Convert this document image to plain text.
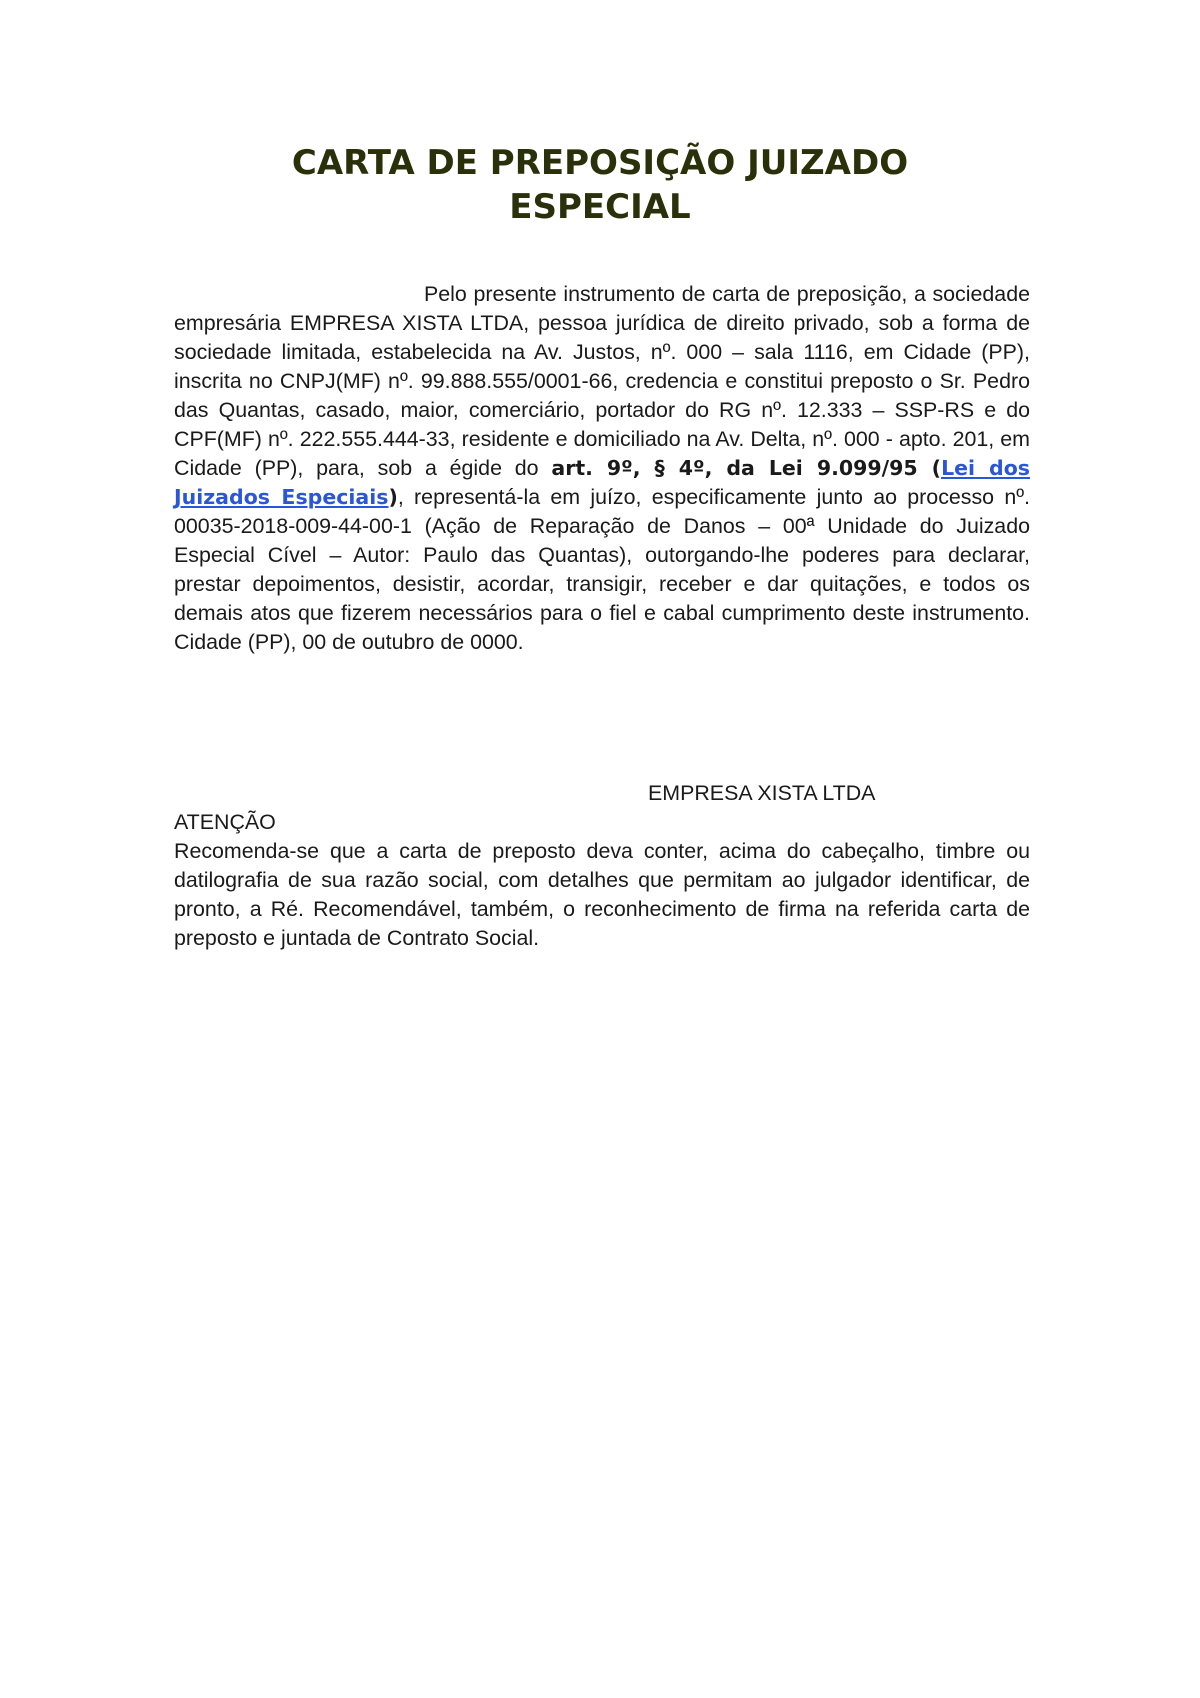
CARTA DE PREPOSIÇÃO JUIZADO
ESPECIAL

Pelo presente instrumento de carta de preposição, a sociedade empresária EMPRESA XISTA LTDA, pessoa jurídica de direito privado, sob a forma de sociedade limitada, estabelecida na Av. Justos, nº. 000 – sala 1116, em Cidade (PP), inscrita no CNPJ(MF) nº. 99.888.555/0001-66, credencia e constitui preposto o Sr. Pedro das Quantas, casado, maior, comerciário, portador do RG nº. 12.333 – SSP-RS e do CPF(MF) nº. 222.555.444-33, residente e domiciliado na Av. Delta, nº. 000 - apto. 201, em Cidade (PP), para, sob a égide do art. 9º, § 4º, da Lei 9.099/95 (Lei dos Juizados Especiais), representá-la em juízo, especificamente junto ao processo nº. 00035-2018-009-44-00-1 (Ação de Reparação de Danos – 00ª Unidade do Juizado Especial Cível – Autor: Paulo das Quantas), outorgando-lhe poderes para declarar, prestar depoimentos, desistir, acordar, transigir, receber e dar quitações, e todos os demais atos que fizerem necessários para o fiel e cabal cumprimento deste instrumento. Cidade (PP), 00 de outubro de 0000.

EMPRESA XISTA LTDA

ATENÇÃO

Recomenda-se que a carta de preposto deva conter, acima do cabeçalho, timbre ou datilografia de sua razão social, com detalhes que permitam ao julgador identificar, de pronto, a Ré. Recomendável, também, o reconhecimento de firma na referida carta de preposto e juntada de Contrato Social.
